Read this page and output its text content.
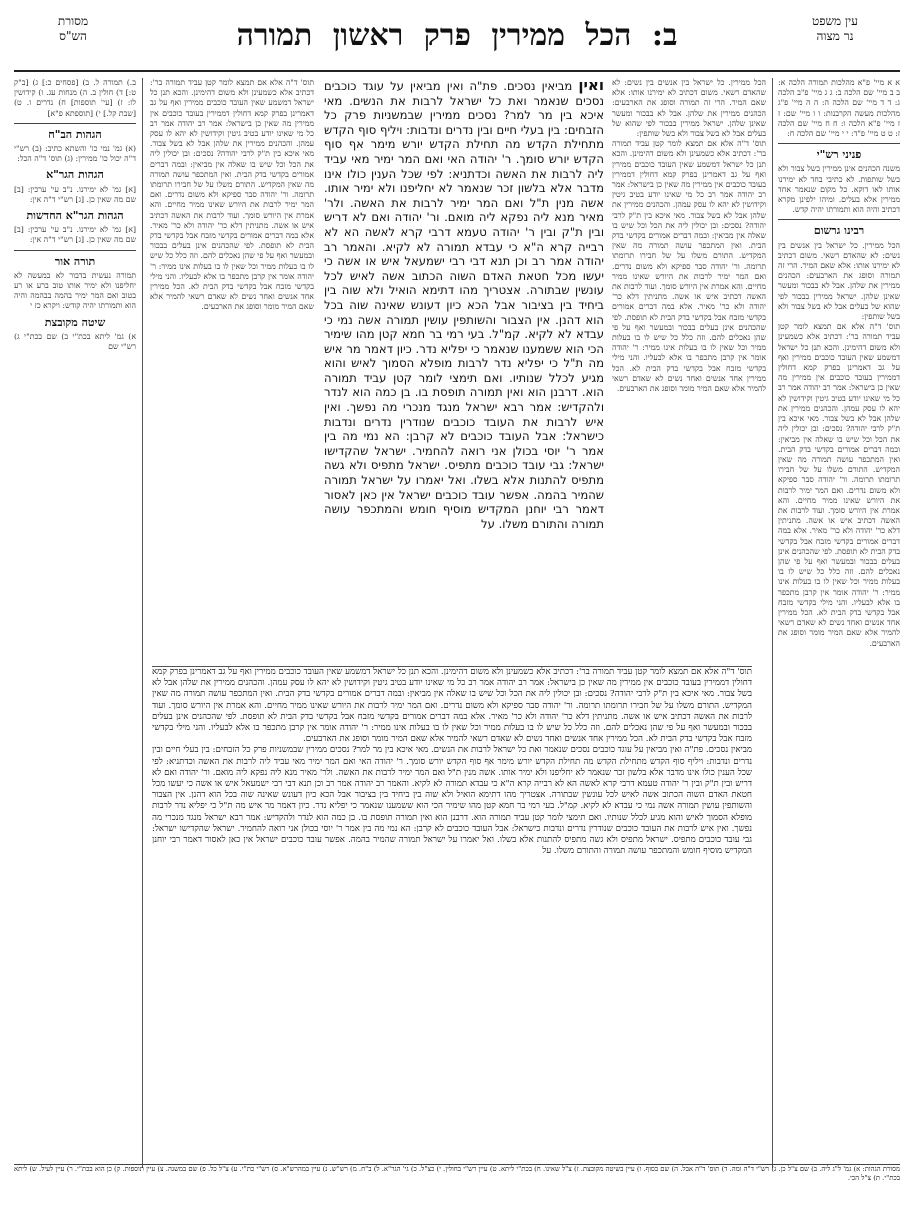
מסורת
הש"ס	ב: הכל ממירין פרק ראשון תמורה	עין משפט
נר מצוה
ב.) תמורה ל. ב) [פסחים כ:] ג) [ב"ק ט:] ד) חולין ב. ה) מנחות עג. ו) קידושין לו: ז) [עי' תוספות] ח) נדרים ו. ט) [שבת קל.] י) [תוספתא פ"א]
הגהות הב"ח
(א) גמ' נמי כו' והשתא כתיב: (ב) רש"י ד"ה יכול כו' ממירין: (ג) תוס' ד"ה הכל:
הגהות הגר"א
[א] גמ' לא ימירנו. נ"ב עי' ערכין: [ב] שם מה שאין כן. [ג] רש"י ד"ה אין:
הגהות הגר"א החדשות
[א] גמ' לא ימירנו. נ"ב עי' ערכין: [ב] שם מה שאין כן. [ג] רש"י ד"ה אין:
תורה אור
תמורה נעשית בדבור לא במעשה לא יחליפנו ולא ימיר אותו טוב ברע או רע בטוב ואם המר ימיר בהמה בבהמה והיה הוא ותמורתו יהיה קודש: ויקרא כז י
שיטה מקובצת
א) גמ' ליתא בכת"י ב) שם בכת"י ג) רש"י שם
תוס' ד"ה אלא אם תמצא לומר קטן עביד תמורה בר': דכתיב אלא כשמעינן ולא משום דהימינן. והכא תנן כל ישראל דמשמע שאין העובד כוכבים ממירין ואף על גב דאמרינן בפרק קמא דחולין דממירין בעובד כוכבים אין ממירין מה שאין כן בישראל: אמר רב יהודה אמר רב כל מי שאינו יודע בטיב גיטין וקידושין לא יהא לו עסק עמהן. והכהנים ממירין את שלהן אבל לא בשל צבור. מאי איכא בין ת"ק לרבי יהודה? נסכים: ובן יכולין ליה את הכל וכל שיש בו שאלה אין מביאין: ובמה דברים אמורים בקדשי בדק הבית. ואין המתכפר עושה תמורה מה שאין המקדיש. התורם משלו על של חבירו תרומתו תרומה. ור' יהודה סבר ספיקא ולא משום נדרים. ואם המר ימיר לרבות את היורש שאינו ממיר מחיים. והא אמרת אין היורש סומך. ועוד לרבות את האשה דכתיב איש או אשה. מתניתין דלא כר' יהודה ולא כר' מאיר. אלא במה דברים אמורים בקדשי מזבח אבל בקדשי בדק הבית לא תופסת. לפי שהכהנים אינן בעלים בבכור ובמעשר ואף על פי שהן נאכלים להם. וזה כלל כל שיש לו בו בעלות ממיר וכל שאין לו בו בעלות אינו ממיר: ר' יהודה אומר אין קרבן מתכפר בו אלא לבעליו. והני מילי בקדשי מזבח אבל בקדשי בדק הבית לא. הכל ממירין אחד אנשים ואחד נשים לא שאדם רשאי להמיר אלא שאם המיר מומר וסופג את הארבעים.
ואין מביאין נסכים. פת"ה ואין מביאין על עוגד כוכבים נסכים שנאמר ואת כל ישראל לרבות את הנשים. מאי איכא בין מר למר? נסכים ממירין שבמשניות פרק כל הזבחים: בין בעלי חיים ובין נדרים ונדבות: ויליף סוף הקדש מתחילת הקדש מה תחילת הקדש יורש מימר אף סוף הקדש יורש סומך. ר' יהודה האי ואם המר ימיר מאי עביד ליה לרבות את האשה וכדתניא: לפי שכל הענין כולו אינו מדבר אלא בלשון זכר שנאמר לא יחליפנו ולא ימיר אותו. אשה מנין ת"ל ואם המר ימיר לרבות את האשה. ולר' מאיר מנא ליה נפקא ליה מואם. ור' יהודה ואם לא דריש ובין ת"ק ובין ר' יהודה טעמא דרבי קרא לאשה הא לא רבייה קרא ה"א כי עבדא תמורה לא לקיא. והאמר רב יהודה אמר רב וכן תנא דבי רבי ישמעאל איש או אשה כי יעשו מכל חטאת האדם השוה הכתוב אשה לאיש לכל עונשין שבתורה. אצטריך מהו דתימא הואיל ולא שוה בין ביחיד בין בציבור אבל הכא כיון דעונש שאינה שוה בכל הוא דהנן. אין הצבור והשותפין עושין תמורה אשה נמי כי עבדא לא לקיא. קמ"ל. בעי רמי בר חמא קטן מהו שימיר הכי הוא ששמענו שנאמר כי יפליא נדר. כיון דאמר מר איש מה ת"ל כי יפליא נדר לרבות מופלא הסמוך לאיש והוא מגיע לכלל שנותיו. ואם תימצי לומר קטן עביד תמורה הוא. דרבנן הוא ואין תמורה תופסת בו. בן כמה הוא לנדר ולהקדיש: אמר רבא ישראל מנגד מנכרי מה נפשך. ואין איש לרבות את העובד כוכבים שנודרין נדרים ונדבות כישראל: אבל העובד כוכבים לא קרבן: הא נמי מה בין אמר ר' יוסי בכולן אני רואה להחמיר. ישראל שהקדישו ישראל: גבי עובד כוכבים מתפיס. ישראל מתפיס ולא גשה מתפיס להתנות אלא בשלו. ואל יאמרו על ישראל תמורה שהמיר בהמה. אפשר עובד כוכבים ישראל אין כאן לאסור דאמר רבי יוחנן המקדיש מוסיף חומש והמתכפר עושה תמורה והתורם משלו. על
הכל ממירין. כל ישראל בין אנשים בין נשים: לא שהאדם רשאי. משום דכתיב לא ימירנו אותו: אלא שאם המיר. הרי זה תמורה וסופג את הארבעים: הכהנים ממירין את שלהן. אבל לא בבכור ומעשר שאינן שלהן. ישראל ממירין בבכור לפי שהוא של בעלים אבל לא בשל צבור ולא בשל שותפין:
תוס' ד"ה אלא אם תמצא לומר קטן עביד תמורה בר': דכתיב אלא כשמעינן ולא משום דהימינן. והכא תנן כל ישראל דמשמע שאין העובד כוכבים ממירין ואף על גב דאמרינן בפרק קמא דחולין דממירין בעובד כוכבים אין ממירין מה שאין כן בישראל: אמר רב יהודה אמר רב כל מי שאינו יודע בטיב גיטין וקידושין לא יהא לו עסק עמהן. והכהנים ממירין את שלהן אבל לא בשל צבור. מאי איכא בין ת"ק לרבי יהודה? נסכים: ובן יכולין ליה את הכל וכל שיש בו שאלה אין מביאין: ובמה דברים אמורים בקדשי בדק הבית. ואין המתכפר עושה תמורה מה שאין המקדיש. התורם משלו על של חבירו תרומתו תרומה. ור' יהודה סבר ספיקא ולא משום נדרים. ואם המר ימיר לרבות את היורש שאינו ממיר מחיים. והא אמרת אין היורש סומך. ועוד לרבות את האשה דכתיב איש או אשה. מתניתין דלא כר' יהודה ולא כר' מאיר. אלא במה דברים אמורים בקדשי מזבח אבל בקדשי בדק הבית לא תופסת. לפי שהכהנים אינן בעלים בבכור ובמעשר ואף על פי שהן נאכלים להם. וזה כלל כל שיש לו בו בעלות ממיר וכל שאין לו בו בעלות אינו ממיר: ר' יהודה אומר אין קרבן מתכפר בו אלא לבעליו. והני מילי בקדשי מזבח אבל בקדשי בדק הבית לא. הכל ממירין אחד אנשים ואחד נשים לא שאדם רשאי להמיר אלא שאם המיר מומר וסופג את הארבעים.
א א מיי' פ"א מהלכות תמורה הלכה א: ב ב מיי' שם הלכה ב: ג ג מיי' פ"ב הלכה ג: ד ד מיי' שם הלכה ה: ה ה מיי' פ"ג מהלכות מעשה הקרבנות: ו ו מיי' שם: ז ז מיי' פ"א הלכה ו: ח ח מיי' שם הלכה ז: ט ט מיי' פ"ד: י י מיי' שם הלכה ח:
פניני רש"י
משנה הכהנים אינן ממירין בשל צבור ולא בשל שותפות. לא כתיבי בחד לא ימירנו אותו לאו דוקא. כל מקום שנאמר אחד ממירין אלא בעלים. ומיהו ילפינן מקרא דכתיב והיה הוא ותמורתו יהיה קדש.
רבינו גרשום
הכל ממירין. כל ישראל בין אנשים בין נשים: לא שהאדם רשאי. משום דכתיב לא ימירנו אותו: אלא שאם המיר. הרי זה תמורה וסופג את הארבעים: הכהנים ממירין את שלהן. אבל לא בבכור ומעשר שאינן שלהן. ישראל ממירין בבכור לפי שהוא של בעלים אבל לא בשל צבור ולא בשל שותפין:
תוס' ד"ה אלא אם תמצא לומר קטן עביד תמורה בר': דכתיב אלא כשמעינן ולא משום דהימינן. והכא תנן כל ישראל דמשמע שאין העובד כוכבים ממירין ואף על גב דאמרינן בפרק קמא דחולין דממירין בעובד כוכבים אין ממירין מה שאין כן בישראל: אמר רב יהודה אמר רב כל מי שאינו יודע בטיב גיטין וקידושין לא יהא לו עסק עמהן. והכהנים ממירין את שלהן אבל לא בשל צבור. מאי איכא בין ת"ק לרבי יהודה? נסכים: ובן יכולין ליה את הכל וכל שיש בו שאלה אין מביאין: ובמה דברים אמורים בקדשי בדק הבית. ואין המתכפר עושה תמורה מה שאין המקדיש. התורם משלו על של חבירו תרומתו תרומה. ור' יהודה סבר ספיקא ולא משום נדרים. ואם המר ימיר לרבות את היורש שאינו ממיר מחיים. והא אמרת אין היורש סומך. ועוד לרבות את האשה דכתיב איש או אשה. מתניתין דלא כר' יהודה ולא כר' מאיר. אלא במה דברים אמורים בקדשי מזבח אבל בקדשי בדק הבית לא תופסת. לפי שהכהנים אינן בעלים בבכור ובמעשר ואף על פי שהן נאכלים להם. וזה כלל כל שיש לו בו בעלות ממיר וכל שאין לו בו בעלות אינו ממיר: ר' יהודה אומר אין קרבן מתכפר בו אלא לבעליו. והני מילי בקדשי מזבח אבל בקדשי בדק הבית לא. הכל ממירין אחד אנשים ואחד נשים לא שאדם רשאי להמיר אלא שאם המיר מומר וסופג את הארבעים.
תוס' ד"ה אלא אם תמצא לומר קטן עביד תמורה בר': דכתיב אלא כשמעינן ולא משום דהימינן. והכא תנן כל ישראל דמשמע שאין העובד כוכבים ממירין ואף על גב דאמרינן בפרק קמא דחולין דממירין בעובד כוכבים אין ממירין מה שאין כן בישראל: אמר רב יהודה אמר רב כל מי שאינו יודע בטיב גיטין וקידושין לא יהא לו עסק עמהן. והכהנים ממירין את שלהן אבל לא בשל צבור. מאי איכא בין ת"ק לרבי יהודה? נסכים: ובן יכולין ליה את הכל וכל שיש בו שאלה אין מביאין: ובמה דברים אמורים בקדשי בדק הבית. ואין המתכפר עושה תמורה מה שאין המקדיש. התורם משלו על של חבירו תרומתו תרומה. ור' יהודה סבר ספיקא ולא משום נדרים. ואם המר ימיר לרבות את היורש שאינו ממיר מחיים. והא אמרת אין היורש סומך. ועוד לרבות את האשה דכתיב איש או אשה. מתניתין דלא כר' יהודה ולא כר' מאיר. אלא במה דברים אמורים בקדשי מזבח אבל בקדשי בדק הבית לא תופסת. לפי שהכהנים אינן בעלים בבכור ובמעשר ואף על פי שהן נאכלים להם. וזה כלל כל שיש לו בו בעלות ממיר וכל שאין לו בו בעלות אינו ממיר: ר' יהודה אומר אין קרבן מתכפר בו אלא לבעליו. והני מילי בקדשי מזבח אבל בקדשי בדק הבית לא. הכל ממירין אחד אנשים ואחד נשים לא שאדם רשאי להמיר אלא שאם המיר מומר וסופג את הארבעים.
מביאין נסכים. פת"ה ואין מביאין על עוגד כוכבים נסכים שנאמר ואת כל ישראל לרבות את הנשים. מאי איכא בין מר למר? נסכים ממירין שבמשניות פרק כל הזבחים: בין בעלי חיים ובין נדרים ונדבות: ויליף סוף הקדש מתחילת הקדש מה תחילת הקדש יורש מימר אף סוף הקדש יורש סומך. ר' יהודה האי ואם המר ימיר מאי עביד ליה לרבות את האשה וכדתניא: לפי שכל הענין כולו אינו מדבר אלא בלשון זכר שנאמר לא יחליפנו ולא ימיר אותו. אשה מנין ת"ל ואם המר ימיר לרבות את האשה. ולר' מאיר מנא ליה נפקא ליה מואם. ור' יהודה ואם לא דריש ובין ת"ק ובין ר' יהודה טעמא דרבי קרא לאשה הא לא רבייה קרא ה"א כי עבדא תמורה לא לקיא. והאמר רב יהודה אמר רב וכן תנא דבי רבי ישמעאל איש או אשה כי יעשו מכל חטאת האדם השוה הכתוב אשה לאיש לכל עונשין שבתורה. אצטריך מהו דתימא הואיל ולא שוה בין ביחיד בין בציבור אבל הכא כיון דעונש שאינה שוה בכל הוא דהנן. אין הצבור והשותפין עושין תמורה אשה נמי כי עבדא לא לקיא. קמ"ל. בעי רמי בר חמא קטן מהו שימיר הכי הוא ששמענו שנאמר כי יפליא נדר. כיון דאמר מר איש מה ת"ל כי יפליא נדר לרבות מופלא הסמוך לאיש והוא מגיע לכלל שנותיו. ואם תימצי לומר קטן עביד תמורה הוא. דרבנן הוא ואין תמורה תופסת בו. בן כמה הוא לנדר ולהקדיש: אמר רבא ישראל מנגד מנכרי מה נפשך. ואין איש לרבות את העובד כוכבים שנודרין נדרים ונדבות כישראל: אבל העובד כוכבים לא קרבן: הא נמי מה בין אמר ר' יוסי בכולן אני רואה להחמיר. ישראל שהקדישו ישראל: גבי עובד כוכבים מתפיס. ישראל מתפיס ולא גשה מתפיס להתנות אלא בשלו. ואל יאמרו על ישראל תמורה שהמיר בהמה. אפשר עובד כוכבים ישראל אין כאן לאסור דאמר רבי יוחנן המקדיש מוסיף חומש והמתכפר עושה תמורה והתורם משלו. על
מסורת הגהות: א) גמ' ל"ג ליה. ב) שם צ"ל כן. ג) רש"י ד"ה ומה. ד) תוס' ד"ה אבל. ה) שם בסוף. ו) עיין בשיטה מקובצת. ז) צ"ל שאינו. ח) בכת"י ליתא. ט) עיין רש"י בחולין. י) כצ"ל. כ) גי' הגר"א. ל) ב"ח. מ) רש"ש. נ) עיין במהרש"א. ס) רש"י כת"י. ע) צ"ל כל. פ) שם במשנה. צ) עיין תוספות. ק) כן הוא בכת"י. ר) עיין לעיל. ש) ליתא בכת"י. ת) צ"ל הכי.
